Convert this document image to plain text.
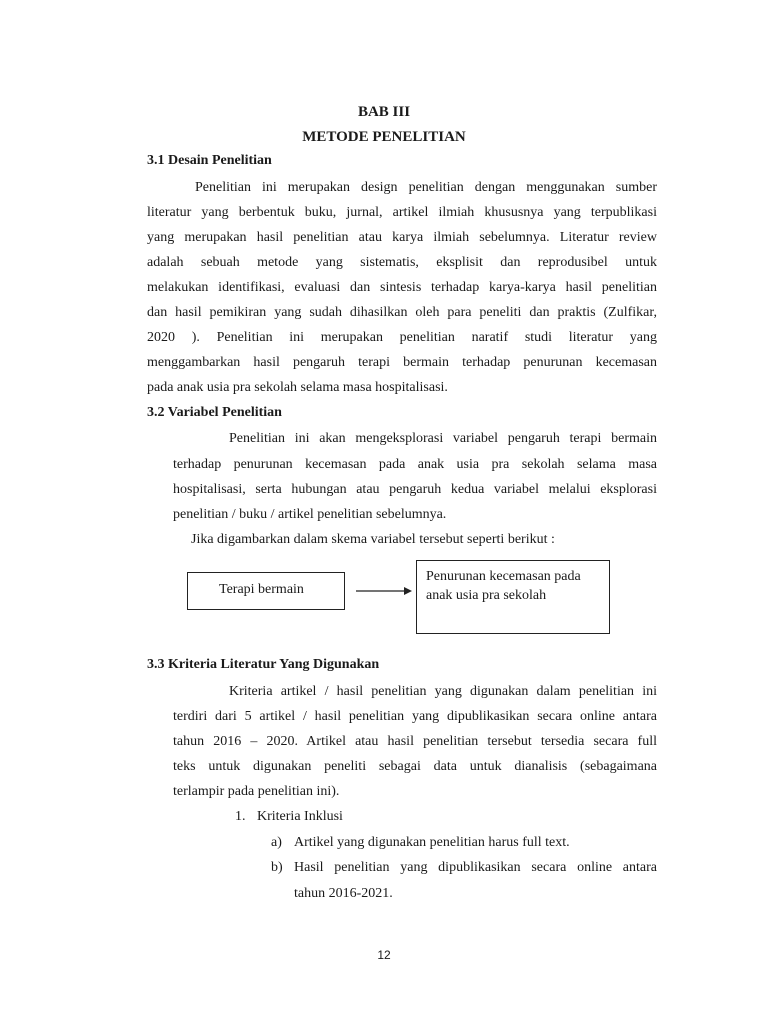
BAB III
METODE PENELITIAN
3.1 Desain Penelitian
Penelitian ini merupakan design penelitian dengan menggunakan sumber
literatur yang berbentuk buku, jurnal, artikel ilmiah khususnya yang terpublikasi
yang merupakan hasil penelitian atau karya ilmiah sebelumnya. Literatur review
adalah sebuah metode yang sistematis, eksplisit dan reprodusibel untuk
melakukan identifikasi, evaluasi dan sintesis terhadap karya-karya hasil penelitian
dan hasil pemikiran yang sudah dihasilkan oleh para peneliti dan praktis (Zulfikar,
2020 ). Penelitian ini merupakan penelitian naratif studi literatur yang
menggambarkan hasil pengaruh terapi bermain terhadap penurunan kecemasan
pada anak usia pra sekolah selama masa hospitalisasi.
3.2 Variabel Penelitian
Penelitian ini akan mengeksplorasi variabel pengaruh terapi bermain
terhadap penurunan kecemasan pada anak usia pra sekolah selama masa
hospitalisasi, serta hubungan atau pengaruh kedua variabel melalui eksplorasi
penelitian / buku / artikel penelitian sebelumnya.
Jika digambarkan dalam skema variabel tersebut seperti berikut :
Terapi bermain
Penurunan kecemasan pada
anak usia pra sekolah
3.3 Kriteria Literatur Yang Digunakan
Kriteria artikel / hasil penelitian yang digunakan dalam penelitian ini
terdiri dari 5 artikel / hasil penelitian yang dipublikasikan secara online antara
tahun 2016 – 2020. Artikel atau hasil penelitian tersebut tersedia secara full
teks untuk digunakan peneliti sebagai data untuk dianalisis (sebagaimana
terlampir pada penelitian ini).
1. Kriteria Inklusi
a) Artikel yang digunakan penelitian harus full text.
b) Hasil penelitian yang dipublikasikan secara online antara
tahun 2016-2021.
12
